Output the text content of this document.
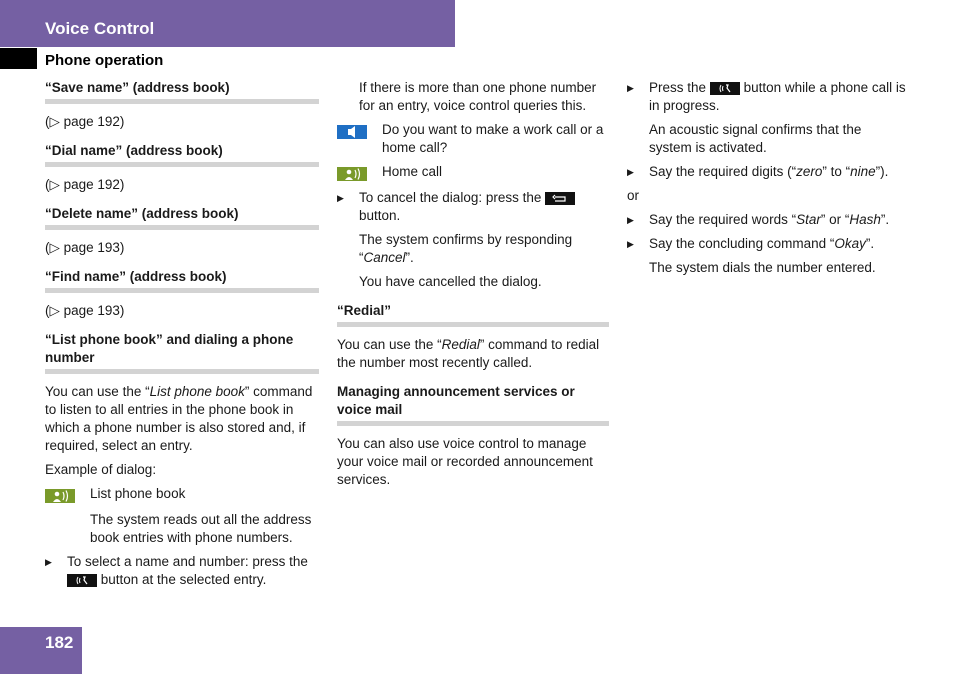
Voice Control
Phone operation
“Save name” (address book)

(▷ page 192)

“Dial name” (address book)

(▷ page 192)

“Delete name” (address book)

(▷ page 193)

“Find name” (address book)

(▷ page 193)

“List phone book” and dialing a phone number

You can use the “List phone book” command to listen to all entries in the phone book in which a phone number is also stored and, if required, select an entry.

Example of dialog:

List phone book

The system reads out all the address book entries with phone numbers.

▶	To select a name and number: press the
button at the selected entry.

If there is more than one phone number for an entry, voice control queries this.

Do you want to make a work call or a home call?
Home call
▶	To cancel the dialog: press the

button.

The system confirms by responding “Cancel”.

You have cancelled the dialog.

“Redial”

You can use the “Redial” command to redial the number most recently called.

Managing announcement services or voice mail

You can also use voice control to manage your voice mail or recorded announcement services.

▶	Press the	button while a phone call is in progress.

An acoustic signal confirms that the system is activated.

▶	Say the required digits (“zero” to “nine”).

or

▶	Say the required words “Star” or “Hash”.
▶	Say the concluding command “Okay”.

The system dials the number entered.

182
